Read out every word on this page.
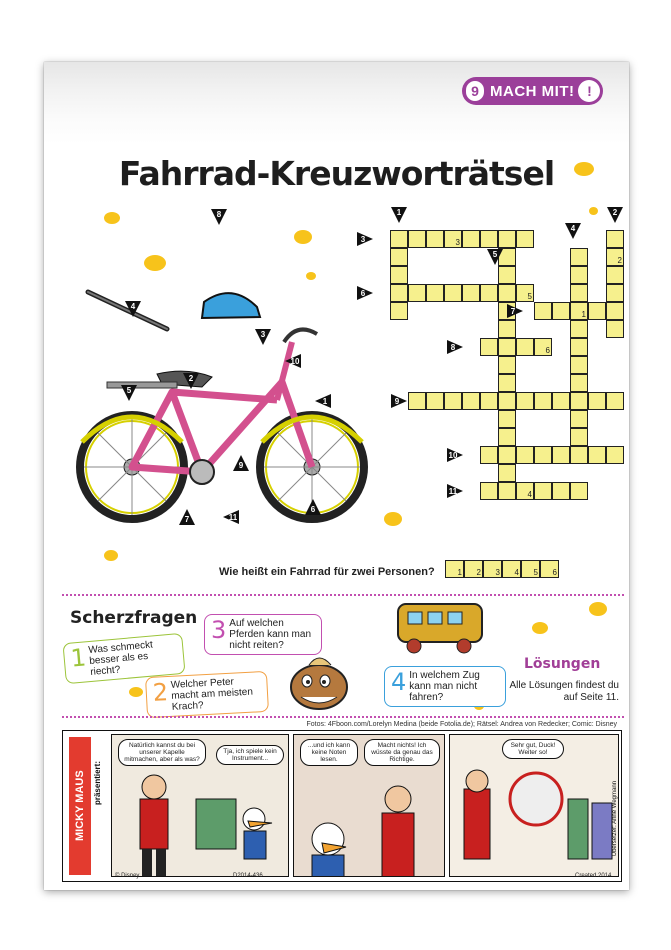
9 MACH MIT! !
Fahrrad-Kreuzworträtsel
3
5
1
6
4
2
Wie heißt ein Fahrrad für zwei Personen?	1 2 3 4 5 6
Scherzfragen
1 Was schmeckt besser als es riecht?
2 Welcher Peter macht am meisten Krach?
3 Auf welchen Pferden kann man nicht reiten?
4 In welchem Zug kann man nicht fahren?
Lösungen
Alle Lösungen findest du auf Seite 11.
Fotos: 4Fboon.com/Lorelyn Medina (beide Fotolia.de); Rätsel: Andrea von Redecker; Comic: Disney
MICKY MAUS präsentiert:
Natürlich kannst du bei unserer Kapelle mitmachen, aber als was?
Tja, ich spiele kein Instrument...
...und ich kann keine Noten lesen.
Macht nichts! Ich wüsste da genau das Richtige.
Sehr gut, Duck! Weiter so!
Übersetzer: Anne Wegmann
© Disney	D2014-436	Created 2014
3
6
7
8
9
10
11
1
5
4
2
8
4
3
2
5
10
1
9
7	11
6
